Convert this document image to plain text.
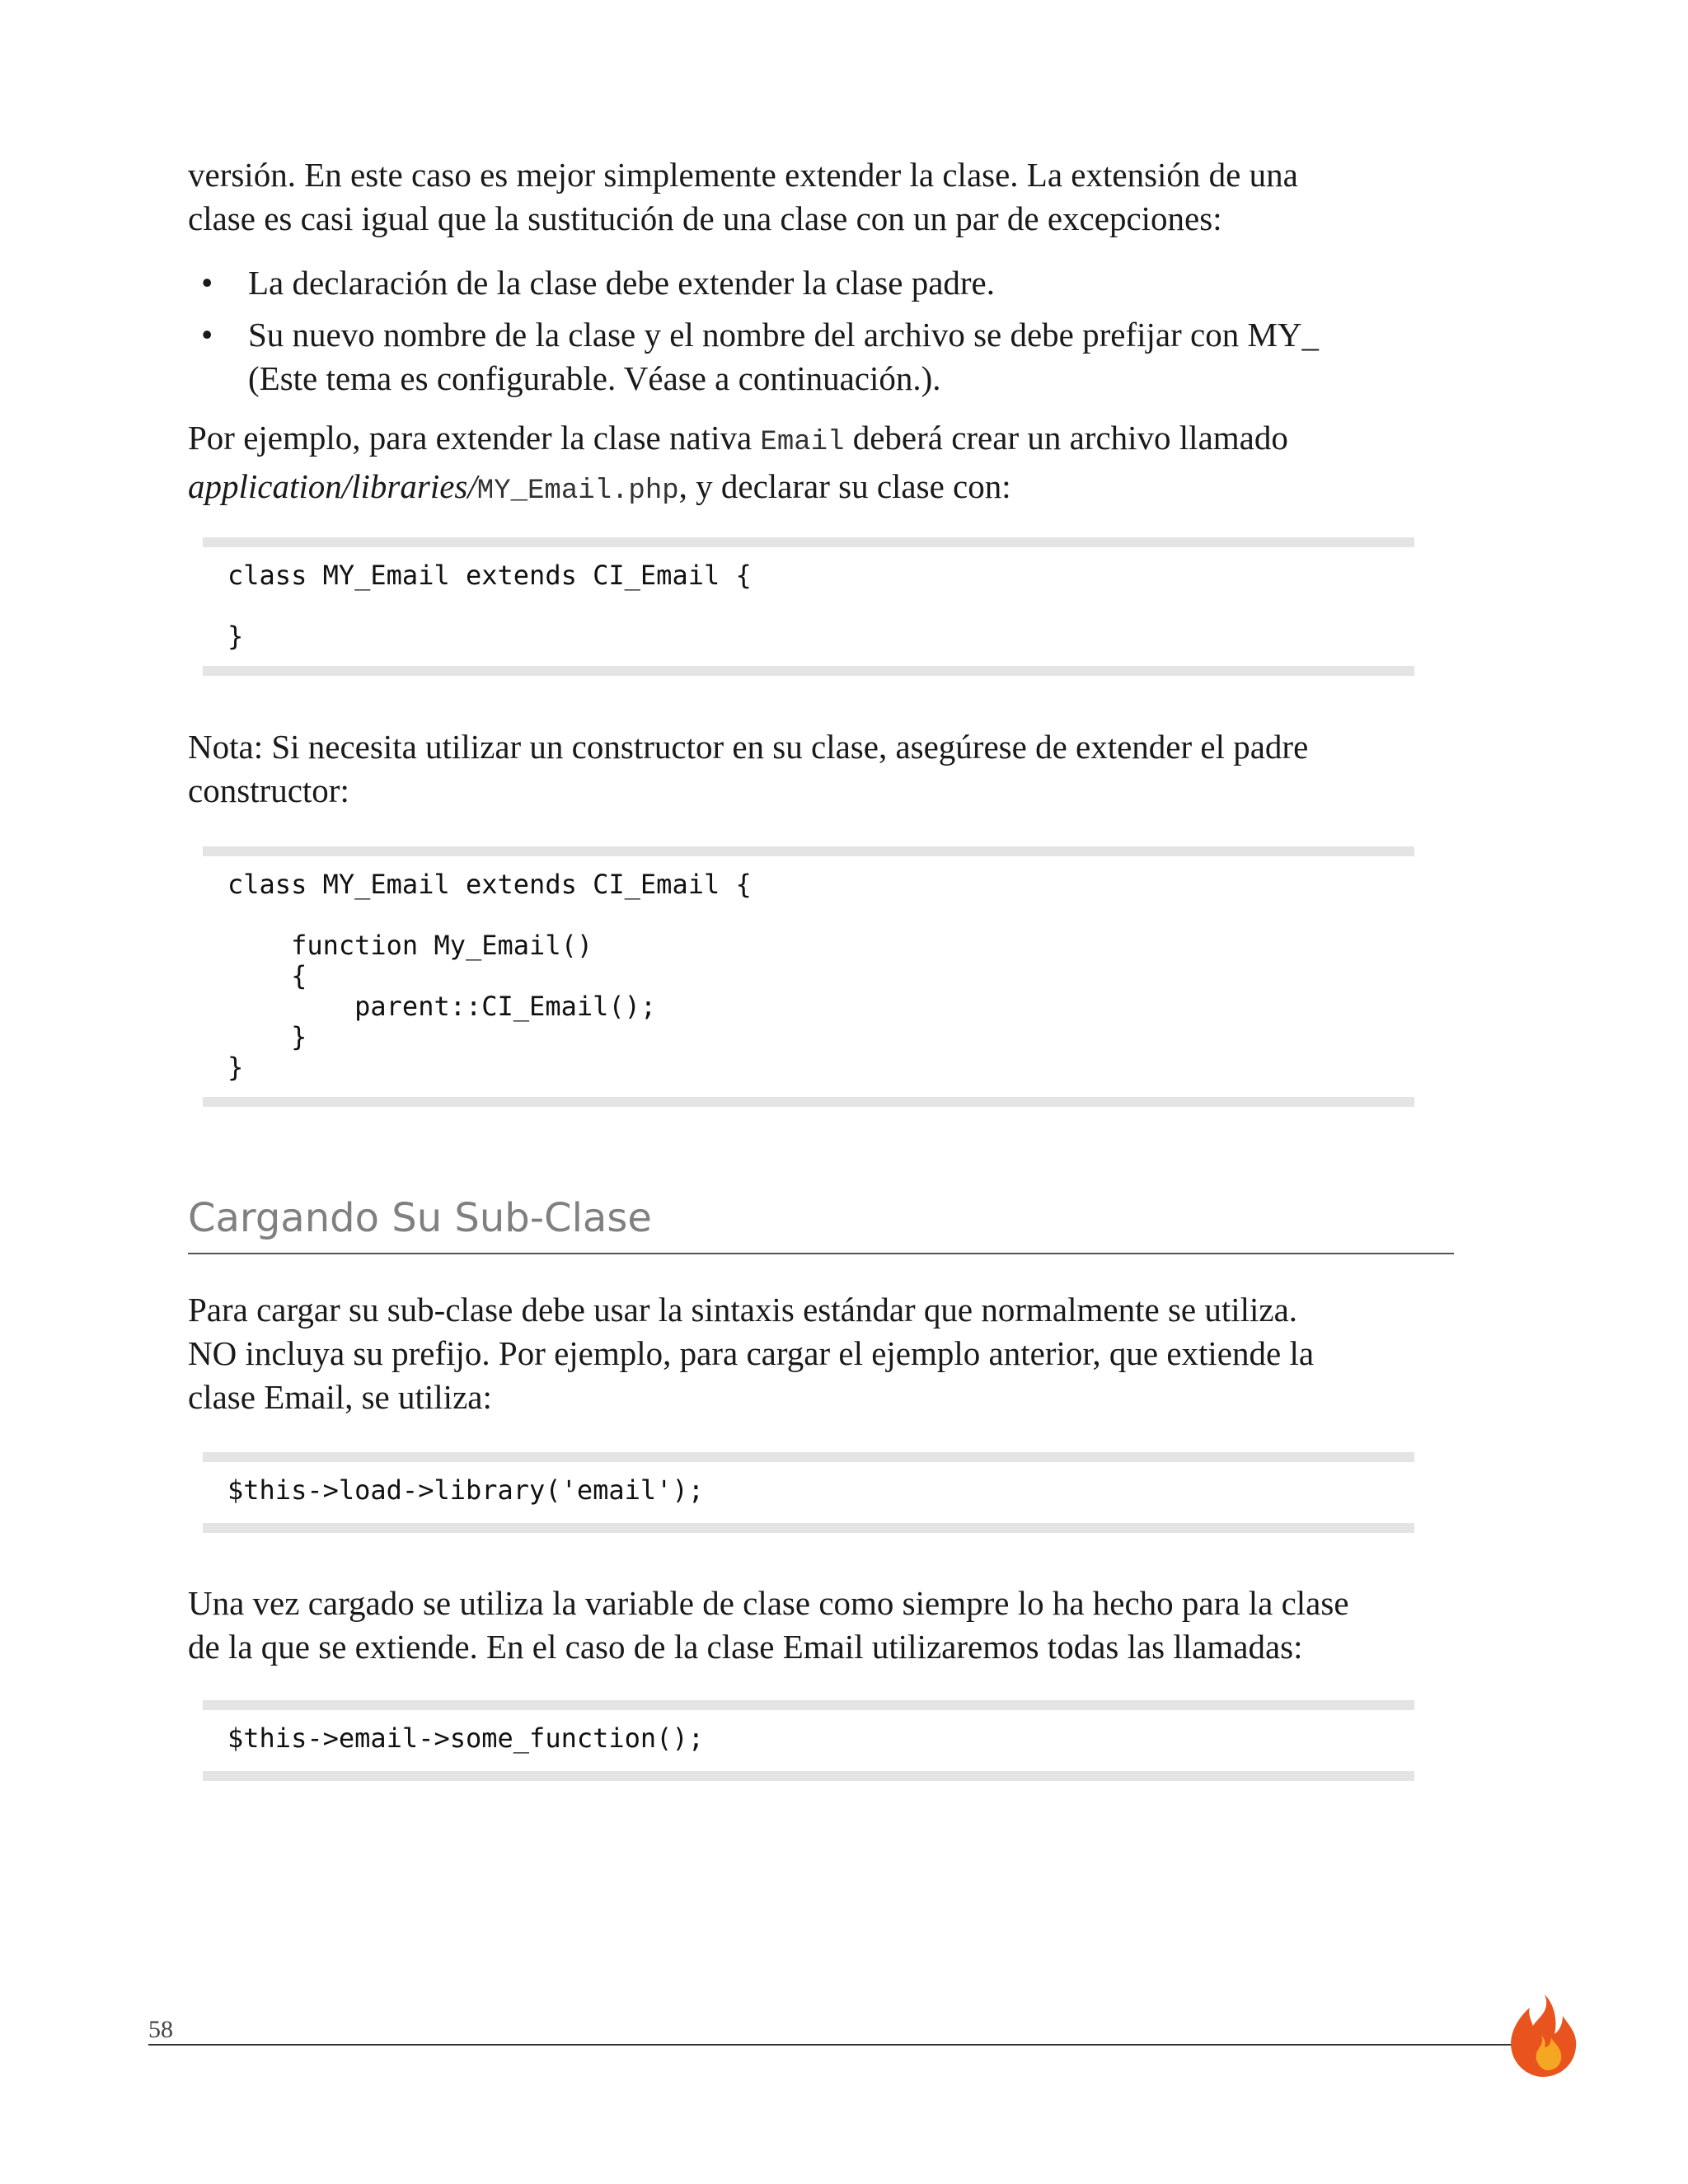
versión. En este caso es mejor simplemente extender la clase. La extensión de una
clase es casi igual que la sustitución de una clase con un par de excepciones:

• La declaración de la clase debe extender la clase padre.
• Su nuevo nombre de la clase y el nombre del archivo se debe prefijar con MY_
(Este tema es configurable. Véase a continuación.).

Por ejemplo, para extender la clase nativa Email deberá crear un archivo llamado
application/libraries/MY_Email.php, y declarar su clase con:

class MY_Email extends CI_Email {

}

Nota: Si necesita utilizar un constructor en su clase, asegúrese de extender el padre
constructor:

class MY_Email extends CI_Email {

function My_Email()
{
parent::CI_Email();
}
}
Cargando Su Sub-Clase

Para cargar su sub-clase debe usar la sintaxis estándar que normalmente se utiliza.
NO incluya su prefijo. Por ejemplo, para cargar el ejemplo anterior, que extiende la
clase Email, se utiliza:

$this->load->library('email');

Una vez cargado se utiliza la variable de clase como siempre lo ha hecho para la clase
de la que se extiende. En el caso de la clase Email utilizaremos todas las llamadas:

$this->email->some_function();
58
